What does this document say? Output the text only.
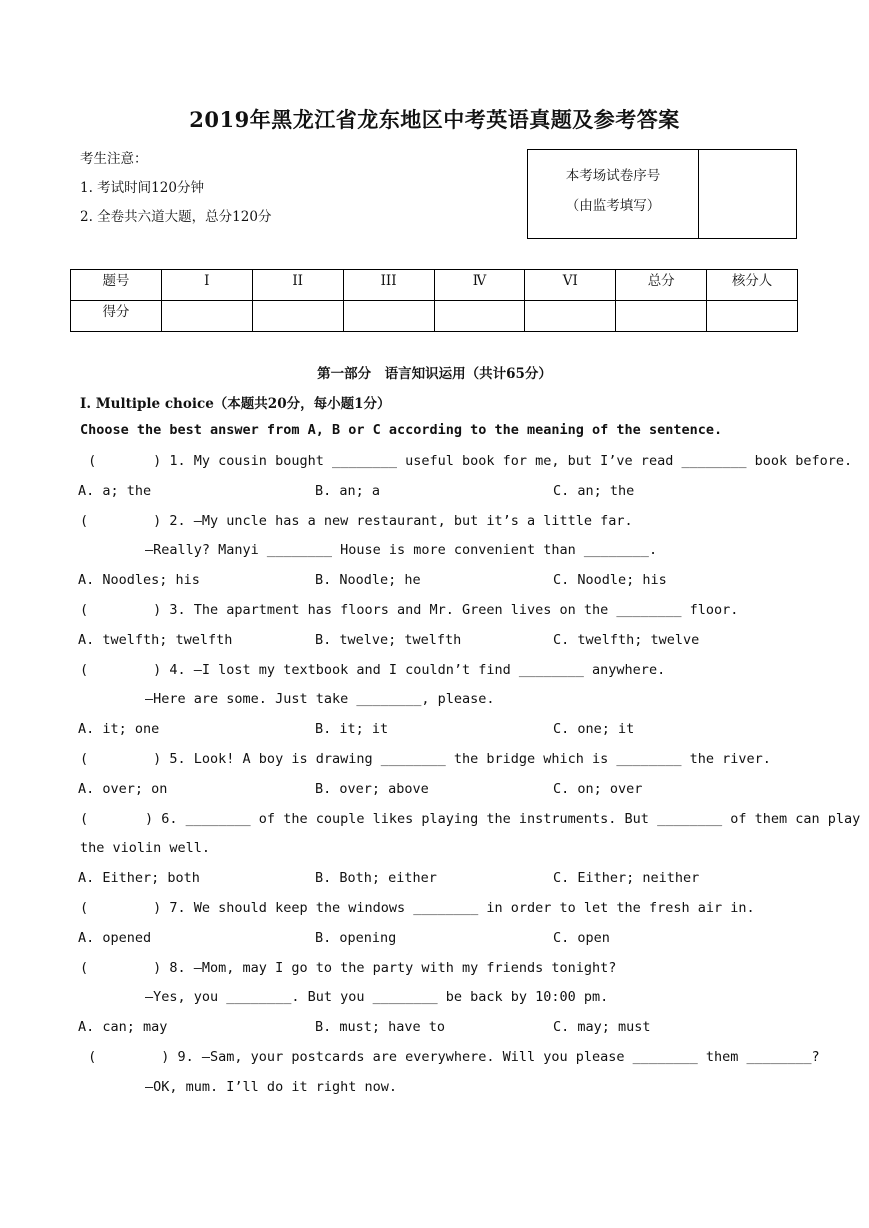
2019年黑龙江省龙东地区中考英语真题及参考答案
考生注意：
1. 考试时间120分钟
2. 全卷共六道大题，总分120分
本考场试卷序号
（由监考填写）
题号	I	II	III	Ⅳ	VI	总分	核分人
得分							
第一部分　语言知识运用（共计65分）
Ⅰ. Multiple choice（本题共20分，每小题1分）
Choose the best answer from A, B or C according to the meaning of the sentence.
(       ) 1. My cousin bought ________ useful book for me, but I’ve read ________ book before.
A. a; the	B. an; a	C. an; the
(        ) 2. —My uncle has a new restaurant, but it’s a little far.
—Really? Manyi ________ House is more convenient than ________.
A. Noodles; his	B. Noodle; he	C. Noodle; his
(        ) 3. The apartment has floors and Mr. Green lives on the ________ floor.
A. twelfth; twelfth	B. twelve; twelfth	C. twelfth; twelve
(        ) 4. —I lost my textbook and I couldn’t find ________ anywhere.
—Here are some. Just take ________, please.
A. it; one	B. it; it	C. one; it
(        ) 5. Look! A boy is drawing ________ the bridge which is ________ the river.
A. over; on	B. over; above	C. on; over
(       ) 6. ________ of the couple likes playing the instruments. But ________ of them can play
the violin well.
A. Either; both	B. Both; either	C. Either; neither
(        ) 7. We should keep the windows ________ in order to let the fresh air in.
A. opened	B. opening	C. open
(        ) 8. —Mom, may I go to the party with my friends tonight?
—Yes, you ________. But you ________ be back by 10:00 pm.
A. can; may	B. must; have to	C. may; must
(        ) 9. —Sam, your postcards are everywhere. Will you please ________ them ________?
—OK, mum. I’ll do it right now.
